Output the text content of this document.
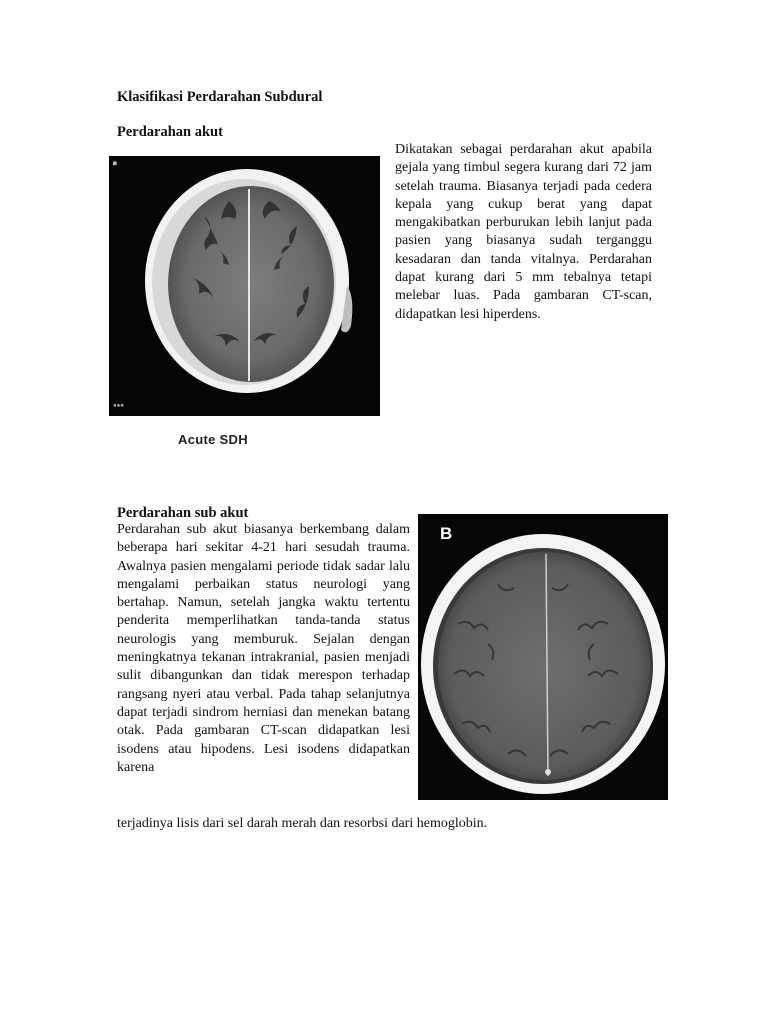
Klasifikasi Perdarahan Subdural
Perdarahan akut
■
▪▪▪
Acute SDH

Dikatakan sebagai perdarahan akut apabila gejala yang timbul segera kurang dari 72 jam setelah trauma. Biasanya terjadi pada cedera kepala yang cukup berat yang dapat mengakibatkan perburukan lebih lanjut pada pasien yang biasanya sudah terganggu kesadaran dan tanda vitalnya. Perdarahan dapat kurang dari 5 mm tebalnya tetapi melebar luas. Pada gambaran CT-scan, didapatkan lesi hiperdens.

Perdarahan sub akut

Perdarahan sub akut biasanya berkembang dalam beberapa hari sekitar 4-21 hari sesudah trauma. Awalnya pasien mengalami periode tidak sadar lalu mengalami perbaikan status neurologi yang bertahap. Namun, setelah jangka waktu tertentu penderita memperlihatkan tanda-tanda status neurologis yang memburuk. Sejalan dengan meningkatnya tekanan intrakranial, pasien menjadi sulit dibangunkan dan tidak merespon terhadap rangsang nyeri atau verbal. Pada tahap selanjutnya dapat terjadi sindrom herniasi dan menekan batang otak. Pada gambaran CT-scan didapatkan lesi isodens atau hipodens. Lesi isodens didapatkan karena

terjadinya lisis dari sel darah merah dan resorbsi dari hemoglobin.

B
